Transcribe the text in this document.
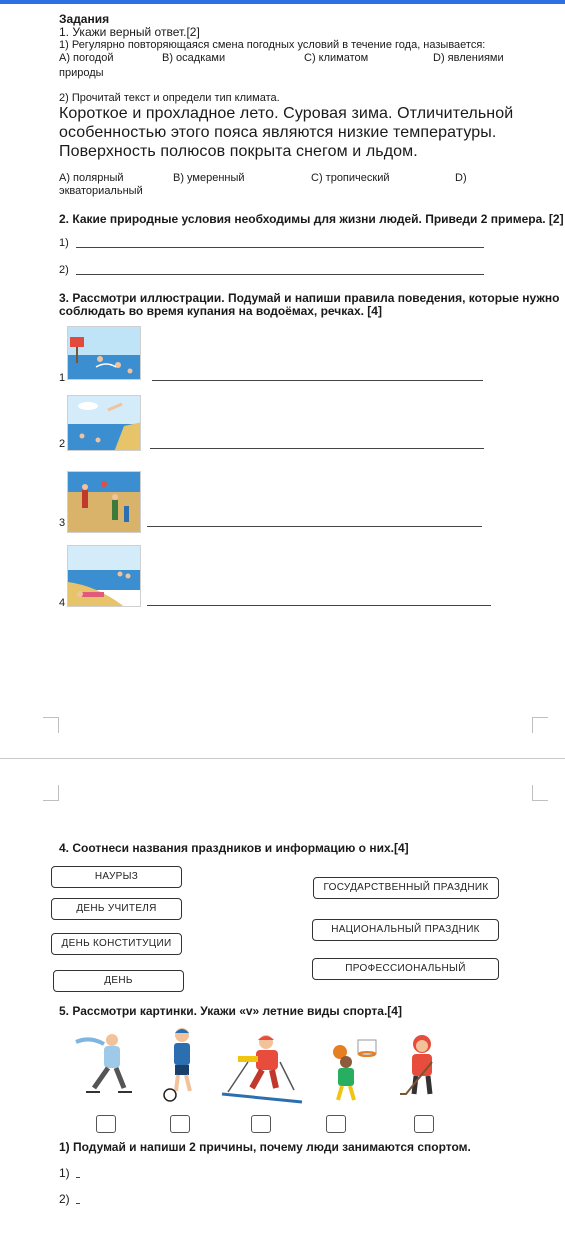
Задания
1. Укажи верный ответ.[2]
1) Регулярно повторяющаяся смена погодных условий в течение года, называется:
А) погодой	B) осадками	С) климатом	D) явлениями
природы
2) Прочитай текст и определи тип климата.
Короткое и прохладное лето. Суровая зима. Отличительной
особенностью этого пояса являются низкие температуры.
Поверхность полюсов покрыта снегом и льдом.
А) полярный	B) умеренный	С) тропический	D)
экваториальный
2. Какие природные условия необходимы для жизни людей. Приведи 2 примера. [2]
1)
2)
3. Рассмотри иллюстрации. Подумай и напиши правила поведения, которые нужно
соблюдать во время купания на водоёмах, речках. [4]
1
2
3
4
4. Соотнеси названия праздников и информацию о них.[4]
НАУРЫЗ
ДЕНЬ УЧИТЕЛЯ
ДЕНЬ КОНСТИТУЦИИ
ДЕНЬ
ГОСУДАРСТВЕННЫЙ ПРАЗДНИК
НАЦИОНАЛЬНЫЙ ПРАЗДНИК
ПРОФЕССИОНАЛЬНЫЙ
5. Рассмотри картинки. Укажи «v» летние виды спорта.[4]
1) Подумай и напиши 2 причины, почему люди занимаются спортом.
1)
2)
